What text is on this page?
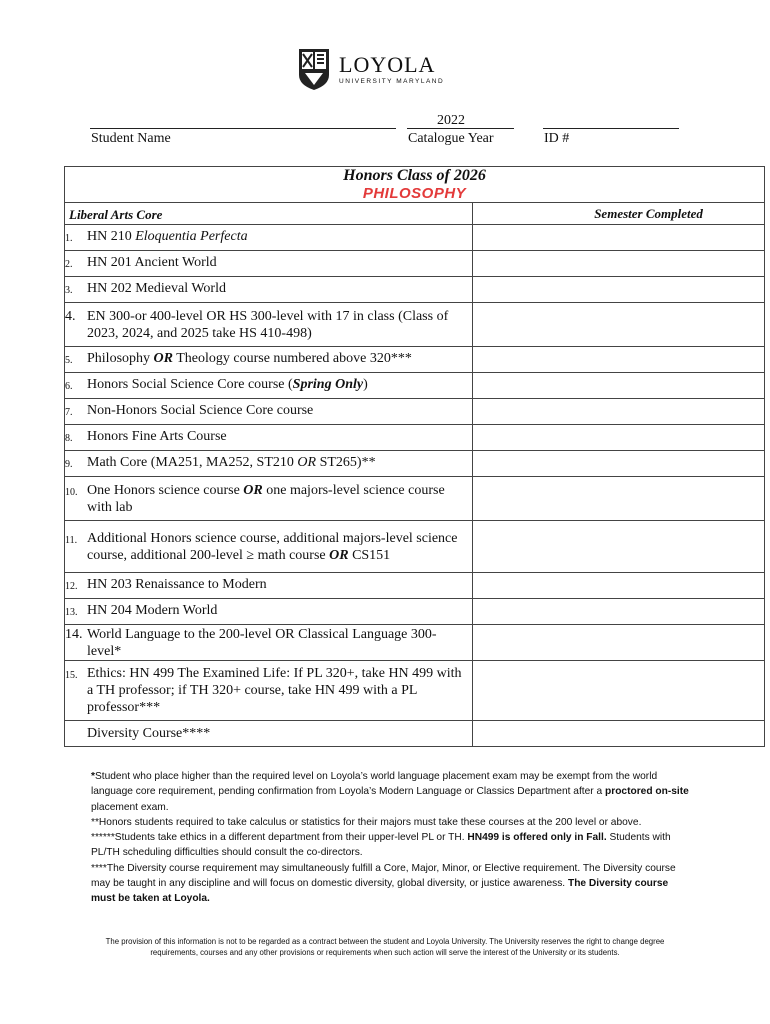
LOYOLA
UNIVERSITY MARYLAND
Student Name
2022
Catalogue Year	ID #
Honors Class of 2026
PHILOSOPHY	

Liberal Arts Core	Semester Completed
1. HN 210 Eloquentia Perfecta	
2. HN 201 Ancient World	
3. HN 202 Medieval World	
4. EN 300-or 400-level OR HS 300-level with 17 in class (Class of 2023, 2024, and 2025 take HS 410-498)	
5. Philosophy OR Theology course numbered above 320***	
6. Honors Social Science Core course (Spring Only)	
7. Non-Honors Social Science Core course	
8. Honors Fine Arts Course	
9. Math Core (MA251, MA252, ST210 OR ST265)**	
10. One Honors science course OR one majors-level science course with lab	
11. Additional Honors science course, additional majors-level science course, additional 200-level ≥ math course OR CS151	
12. HN 203 Renaissance to Modern	
13. HN 204 Modern World	
14. World Language to the 200-level OR Classical Language 300-level*	
15. Ethics: HN 499 The Examined Life: If PL 320+, take HN 499 with a TH professor; if TH 320+ course, take HN 499 with a PL professor***	
Diversity Course****	
*Student who place higher than the required level on Loyola’s world language placement exam may be exempt from the world language core requirement, pending confirmation from Loyola’s Modern Language or Classics Department after a proctored on-site placement exam.
**Honors students required to take calculus or statistics for their majors must take these courses at the 200 level or above.
******Students take ethics in a different department from their upper-level PL or TH. HN499 is offered only in Fall. Students with PL/TH scheduling difficulties should consult the co-directors.
****The Diversity course requirement may simultaneously fulfill a Core, Major, Minor, or Elective requirement. The Diversity course may be taught in any discipline and will focus on domestic diversity, global diversity, or justice awareness. The Diversity course must be taken at Loyola.
The provision of this information is not to be regarded as a contract between the student and Loyola University. The University reserves the right to change degree requirements, courses and any other provisions or requirements when such action will serve the interest of the University or its students.
